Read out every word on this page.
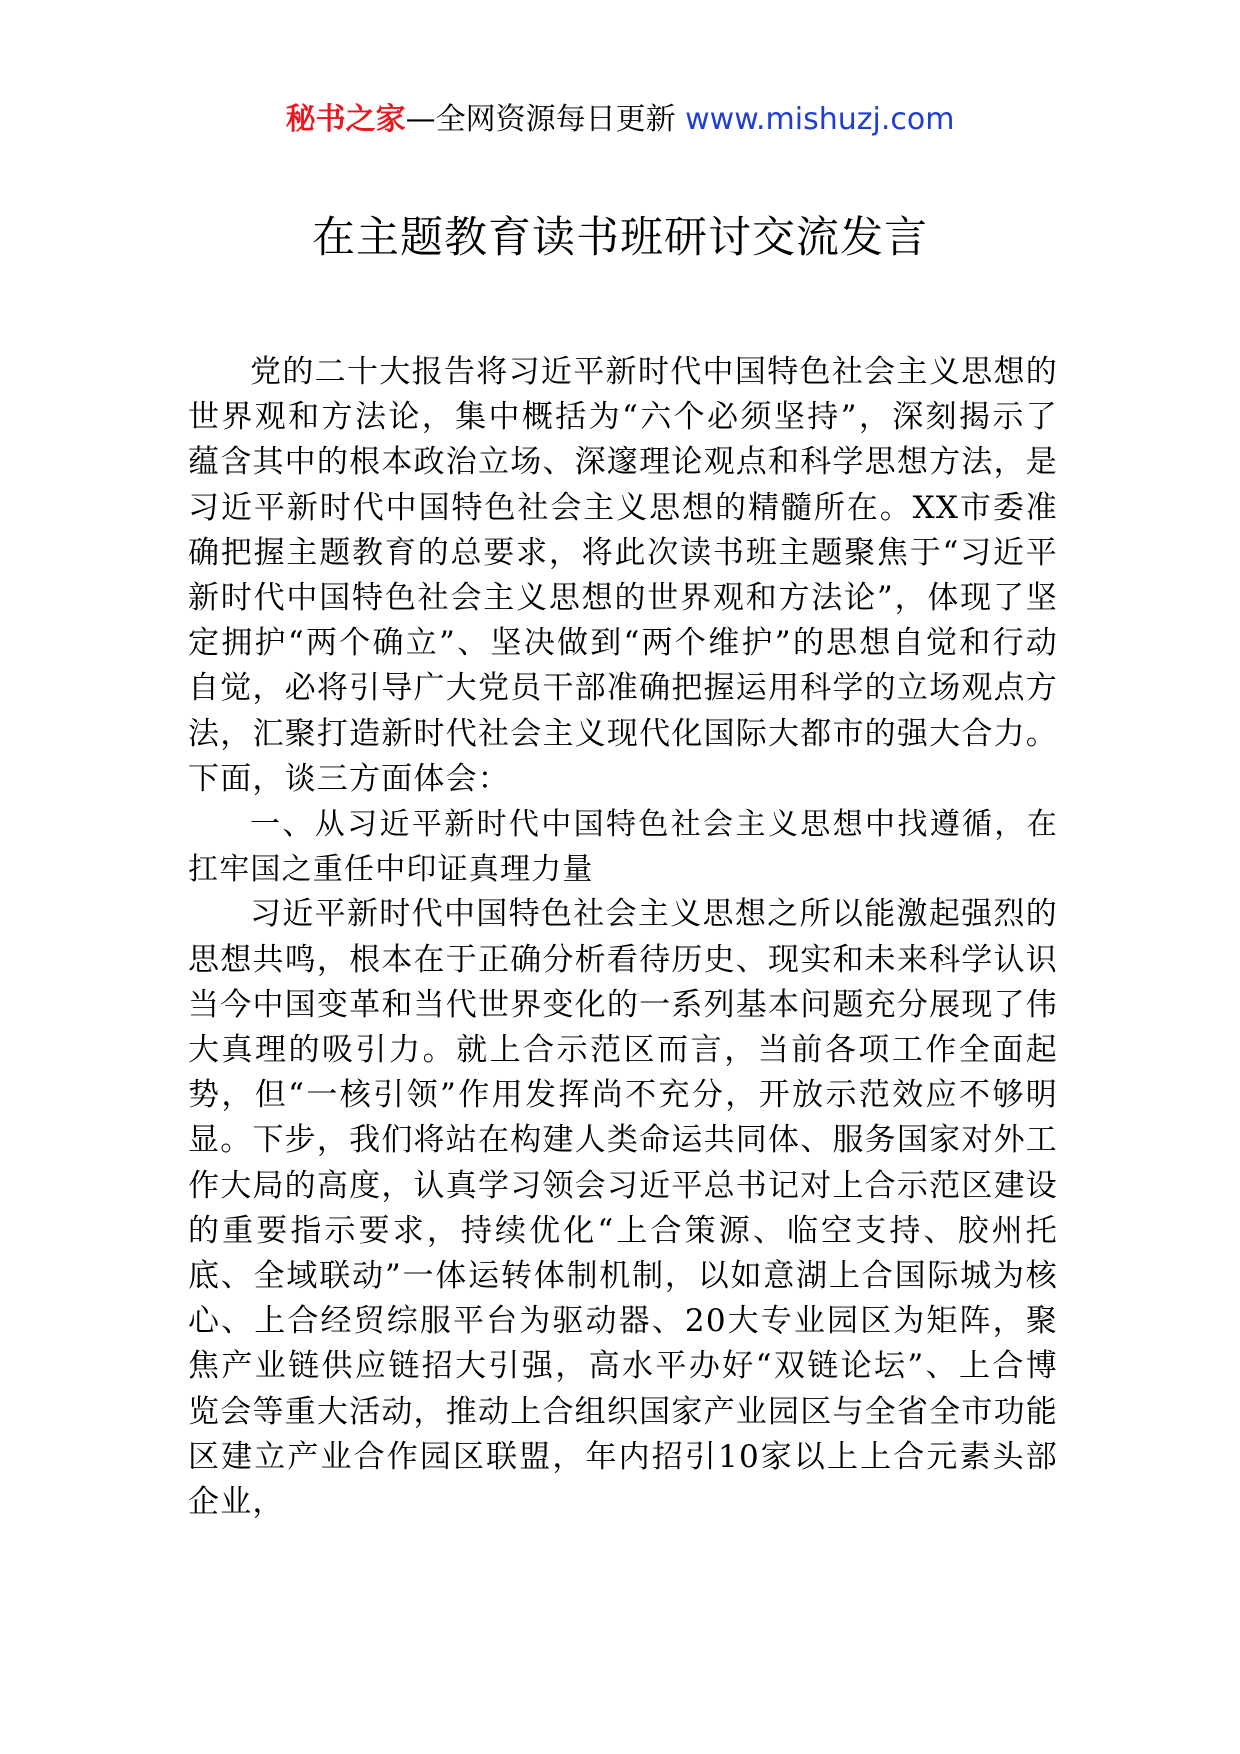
秘书之家—全网资源每日更新 www.mishuzj.com
在主题教育读书班研讨交流发言

党的二十大报告将习近平新时代中国特色社会主义思想的世界观和方法论，集中概括为“六个必须坚持”，深刻揭示了蕴含其中的根本政治立场、深邃理论观点和科学思想方法，是习近平新时代中国特色社会主义思想的精髓所在。XX市委准确把握主题教育的总要求，将此次读书班主题聚焦于“习近平新时代中国特色社会主义思想的世界观和方法论”，体现了坚定拥护“两个确立”、坚决做到“两个维护”的思想自觉和行动自觉，必将引导广大党员干部准确把握运用科学的立场观点方法，汇聚打造新时代社会主义现代化国际大都市的强大合力。下面，谈三方面体会：

一、从习近平新时代中国特色社会主义思想中找遵循，在扛牢国之重任中印证真理力量

习近平新时代中国特色社会主义思想之所以能激起强烈的思想共鸣，根本在于正确分析看待历史、现实和未来科学认识当今中国变革和当代世界变化的一系列基本问题充分展现了伟大真理的吸引力。就上合示范区而言，当前各项工作全面起势，但“一核引领”作用发挥尚不充分，开放示范效应不够明显。下步，我们将站在构建人类命运共同体、服务国家对外工作大局的高度，认真学习领会习近平总书记对上合示范区建设的重要指示要求，持续优化“上合策源、临空支持、胶州托底、全域联动”一体运转体制机制，以如意湖上合国际城为核心、上合经贸综服平台为驱动器、20大专业园区为矩阵，聚焦产业链供应链招大引强，高水平办好“双链论坛”、上合博览会等重大活动，推动上合组织国家产业园区与全省全市功能区建立产业合作园区联盟，年内招引10家以上上合元素头部企业，
